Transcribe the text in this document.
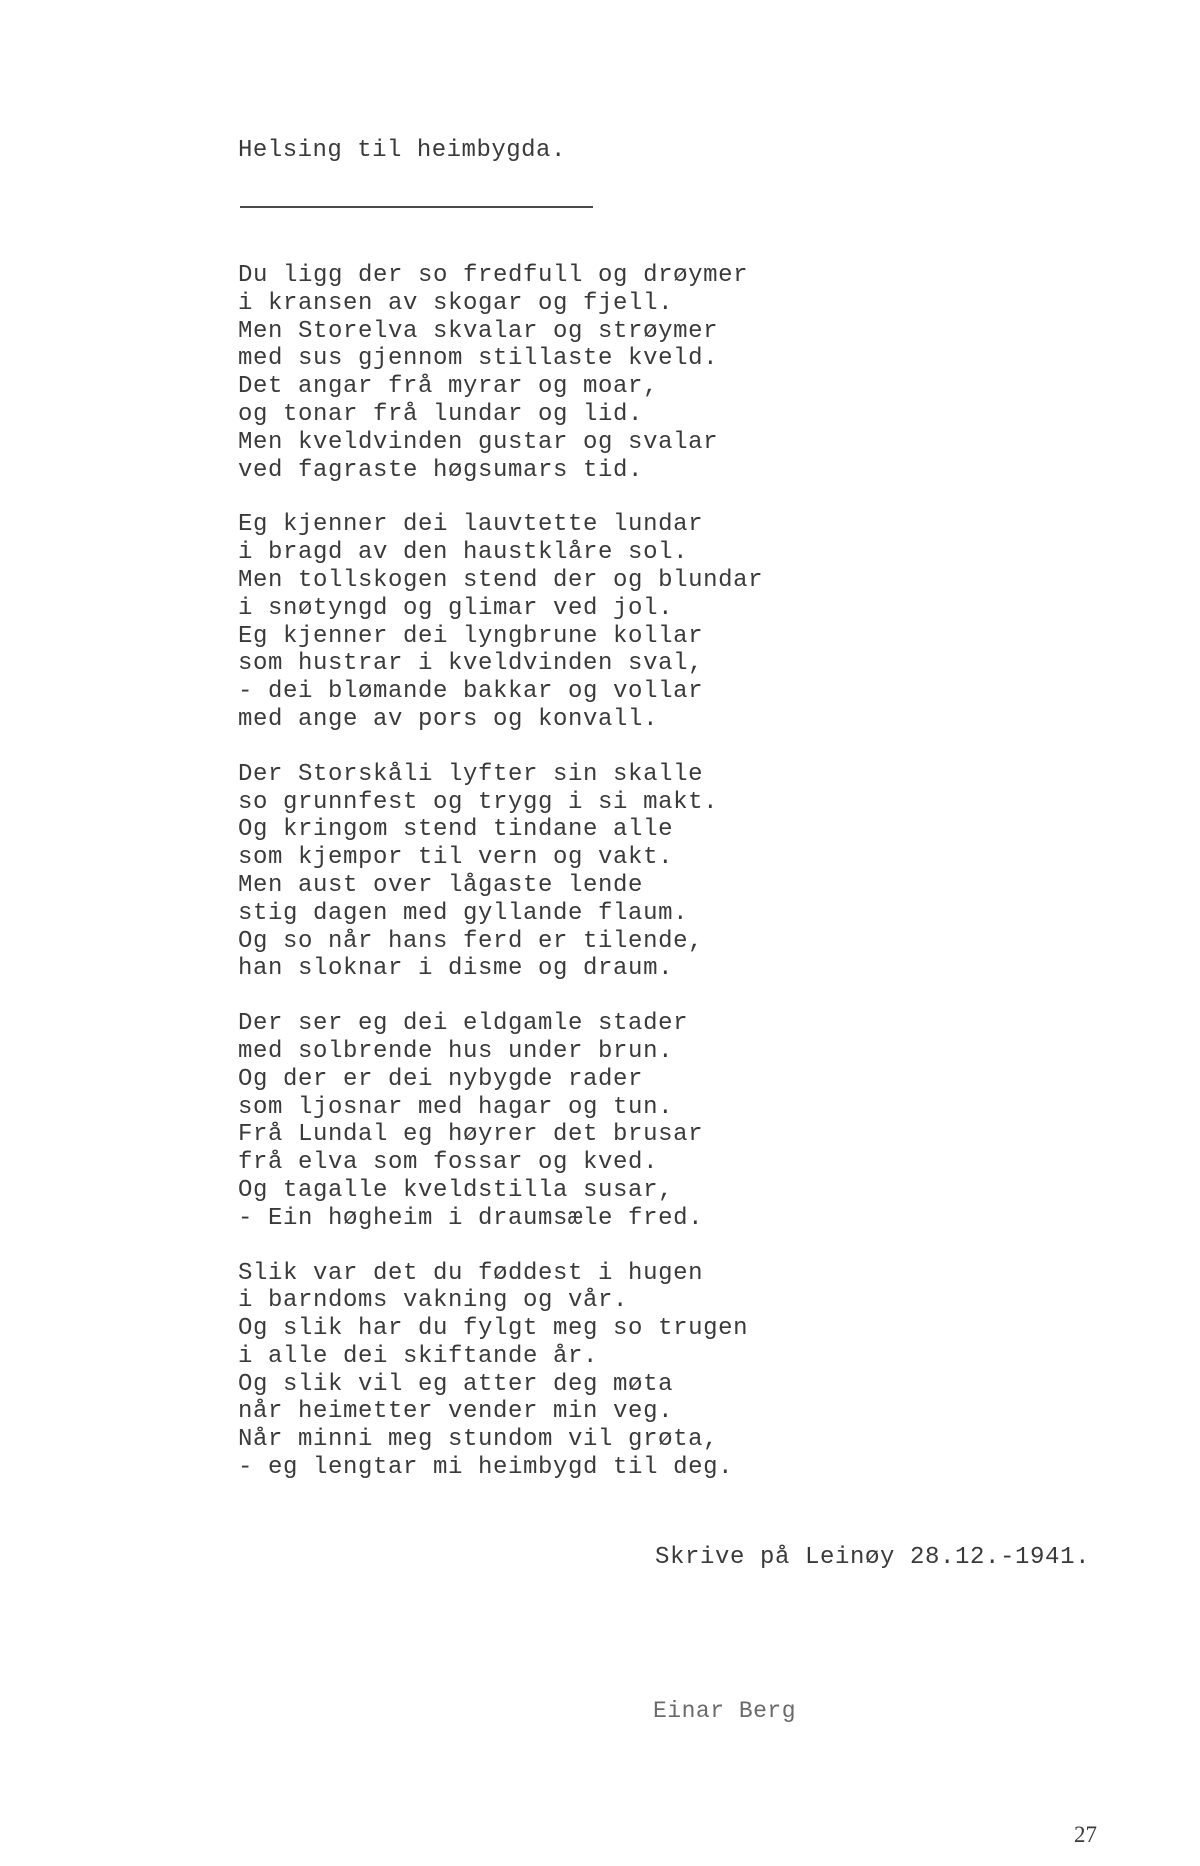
Helsing til heimbygda.
Du ligg der so fredfull og drøymer
i kransen av skogar og fjell.
Men Storelva skvalar og strøymer
med sus gjennom stillaste kveld.
Det angar frå myrar og moar,
og tonar frå lundar og lid.
Men kveldvinden gustar og svalar
ved fagraste høgsumars tid.
Eg kjenner dei lauvtette lundar
i bragd av den haustklåre sol.
Men tollskogen stend der og blundar
i snøtyngd og glimar ved jol.
Eg kjenner dei lyngbrune kollar
som hustrar i kveldvinden sval,
- dei blømande bakkar og vollar
med ange av pors og konvall.
Der Storskåli lyfter sin skalle
so grunnfest og trygg i si makt.
Og kringom stend tindane alle
som kjempor til vern og vakt.
Men aust over lågaste lende
stig dagen med gyllande flaum.
Og so når hans ferd er tilende,
han sloknar i disme og draum.
Der ser eg dei eldgamle stader
med solbrende hus under brun.
Og der er dei nybygde rader
som ljosnar med hagar og tun.
Frå Lundal eg høyrer det brusar
frå elva som fossar og kved.
Og tagalle kveldstilla susar,
- Ein høgheim i draumsæle fred.
Slik var det du føddest i hugen
i barndoms vakning og vår.
Og slik har du fylgt meg so trugen
i alle dei skiftande år.
Og slik vil eg atter deg møta
når heimetter vender min veg.
Når minni meg stundom vil grøta,
- eg lengtar mi heimbygd til deg.
Skrive på Leinøy 28.12.-1941.
Einar Berg
27
